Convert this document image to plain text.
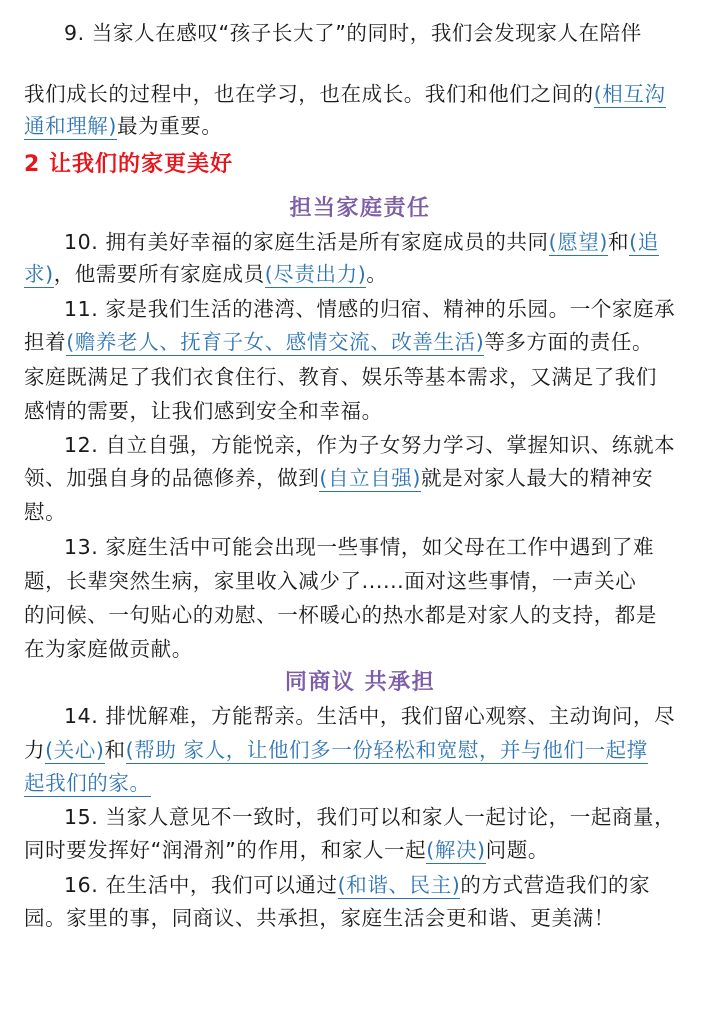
9. 当家人在感叹“孩子长大了”的同时，我们会发现家人在陪伴
我们成长的过程中，也在学习，也在成长。我们和他们之间的(相互沟
通和理解)最为重要。
2 让我们的家更美好
担当家庭责任
10. 拥有美好幸福的家庭生活是所有家庭成员的共同(愿望)和(追
求)，他需要所有家庭成员(尽责出力)。
11. 家是我们生活的港湾、情感的归宿、精神的乐园。一个家庭承
担着(赡养老人、抚育子女、感情交流、改善生活)等多方面的责任。
家庭既满足了我们衣食住行、教育、娱乐等基本需求，又满足了我们
感情的需要，让我们感到安全和幸福。
12. 自立自强，方能悦亲，作为子女努力学习、掌握知识、练就本
领、加强自身的品德修养，做到(自立自强)就是对家人最大的精神安
慰。
13. 家庭生活中可能会出现一些事情，如父母在工作中遇到了难
题，长辈突然生病，家里收入减少了......面对这些事情，一声关心
的问候、一句贴心的劝慰、一杯暖心的热水都是对家人的支持，都是
在为家庭做贡献。
同商议 共承担
14. 排忧解难，方能帮亲。生活中，我们留心观察、主动询问，尽
力(关心)和(帮助 家人，让他们多一份轻松和宽慰，并与他们一起撑
起我们的家。
15. 当家人意见不一致时，我们可以和家人一起讨论，一起商量，
同时要发挥好“润滑剂”的作用，和家人一起(解决)问题。
16. 在生活中，我们可以通过(和谐、民主)的方式营造我们的家
园。家里的事，同商议、共承担，家庭生活会更和谐、更美满！
